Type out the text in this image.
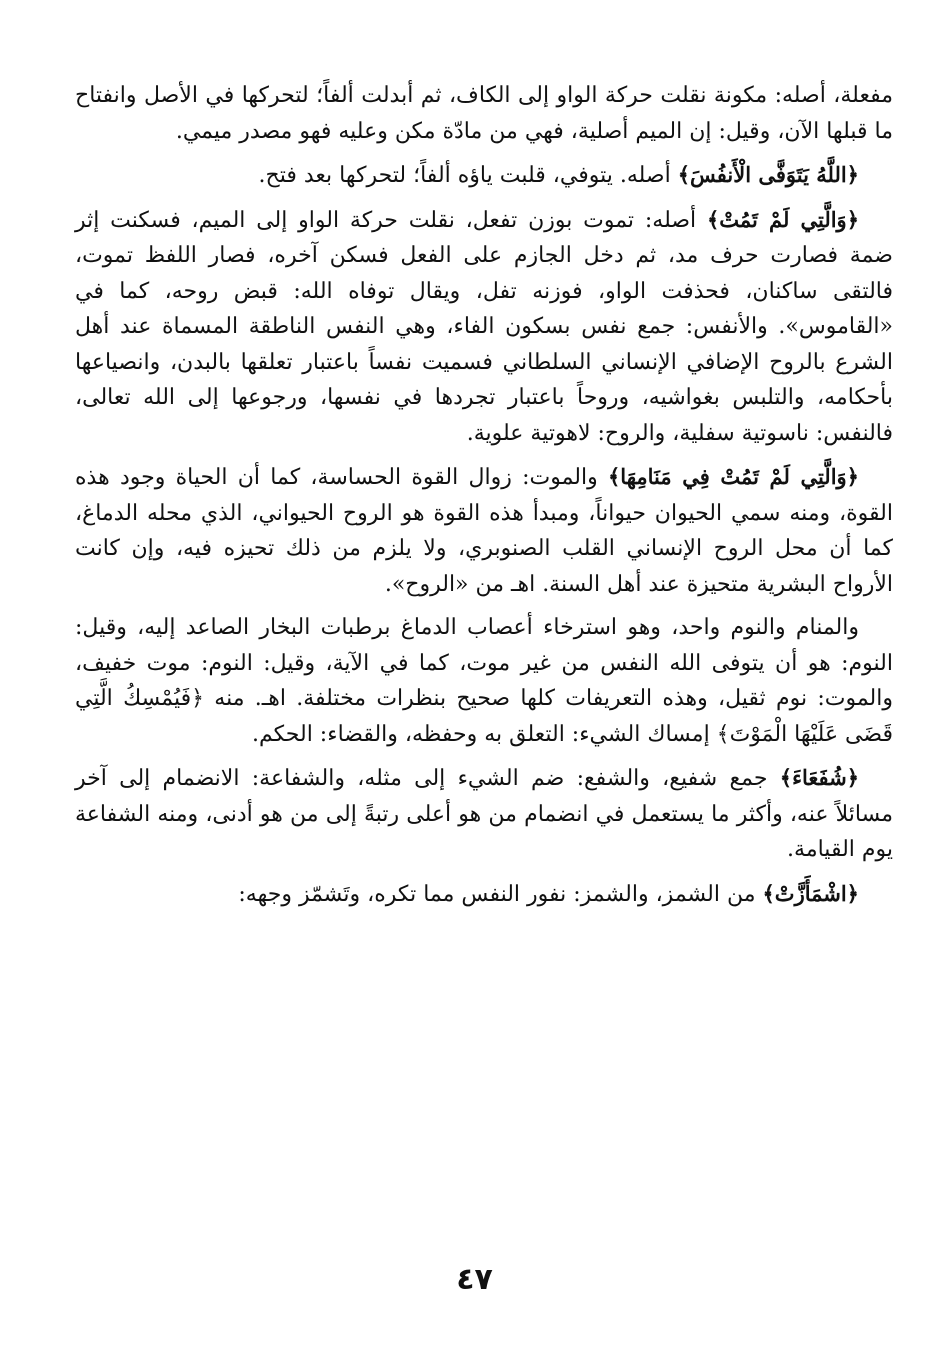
مفعلة، أصله: مكونة نقلت حركة الواو إلى الكاف، ثم أبدلت ألفاً؛ لتحركها في الأصل وانفتاح ما قبلها الآن، وقيل: إن الميم أصلية، فهي من مادّة مكن وعليه فهو مصدر ميمي.

﴿اللَّهُ يَتَوَفَّى الْأَنفُسَ﴾ أصله. يتوفي، قلبت ياؤه ألفاً؛ لتحركها بعد فتح.

﴿وَالَّتِي لَمْ تَمُتْ﴾ أصله: تموت بوزن تفعل، نقلت حركة الواو إلى الميم، فسكنت إثر ضمة فصارت حرف مد، ثم دخل الجازم على الفعل فسكن آخره، فصار اللفظ تموت، فالتقى ساكنان، فحذفت الواو، فوزنه تفل، ويقال توفاه الله: قبض روحه، كما في «القاموس». والأنفس: جمع نفس بسكون الفاء، وهي النفس الناطقة المسماة عند أهل الشرع بالروح الإضافي الإنساني السلطاني فسميت نفساً باعتبار تعلقها بالبدن، وانصياعها بأحكامه، والتلبس بغواشيه، وروحاً باعتبار تجردها في نفسها، ورجوعها إلى الله تعالى، فالنفس: ناسوتية سفلية، والروح: لاهوتية علوية.

﴿وَالَّتِي لَمْ تَمُتْ فِي مَنَامِهَا﴾ والموت: زوال القوة الحساسة، كما أن الحياة وجود هذه القوة، ومنه سمي الحيوان حيواناً، ومبدأ هذه القوة هو الروح الحيواني، الذي محله الدماغ، كما أن محل الروح الإنساني القلب الصنوبري، ولا يلزم من ذلك تحيزه فيه، وإن كانت الأرواح البشرية متحيزة عند أهل السنة. اهـ من «الروح».

والمنام والنوم واحد، وهو استرخاء أعصاب الدماغ برطبات البخار الصاعد إليه، وقيل: النوم: هو أن يتوفى الله النفس من غير موت، كما في الآية، وقيل: النوم: موت خفيف، والموت: نوم ثقيل، وهذه التعريفات كلها صحيح بنظرات مختلفة. اهـ. منه ﴿فَيُمْسِكُ الَّتِي قَضَى عَلَيْهَا الْمَوْتَ﴾ إمساك الشيء: التعلق به وحفظه، والقضاء: الحكم.

﴿شُفَعَاءَ﴾ جمع شفيع، والشفع: ضم الشيء إلى مثله، والشفاعة: الانضمام إلى آخر مسائلاً عنه، وأكثر ما يستعمل في انضمام من هو أعلى رتبةً إلى من هو أدنى، ومنه الشفاعة يوم القيامة.

﴿اشْمَأَزَّتْ﴾ من الشمز، والشمز: نفور النفس مما تكره، وتَشمّز وجهه:

٤٧
